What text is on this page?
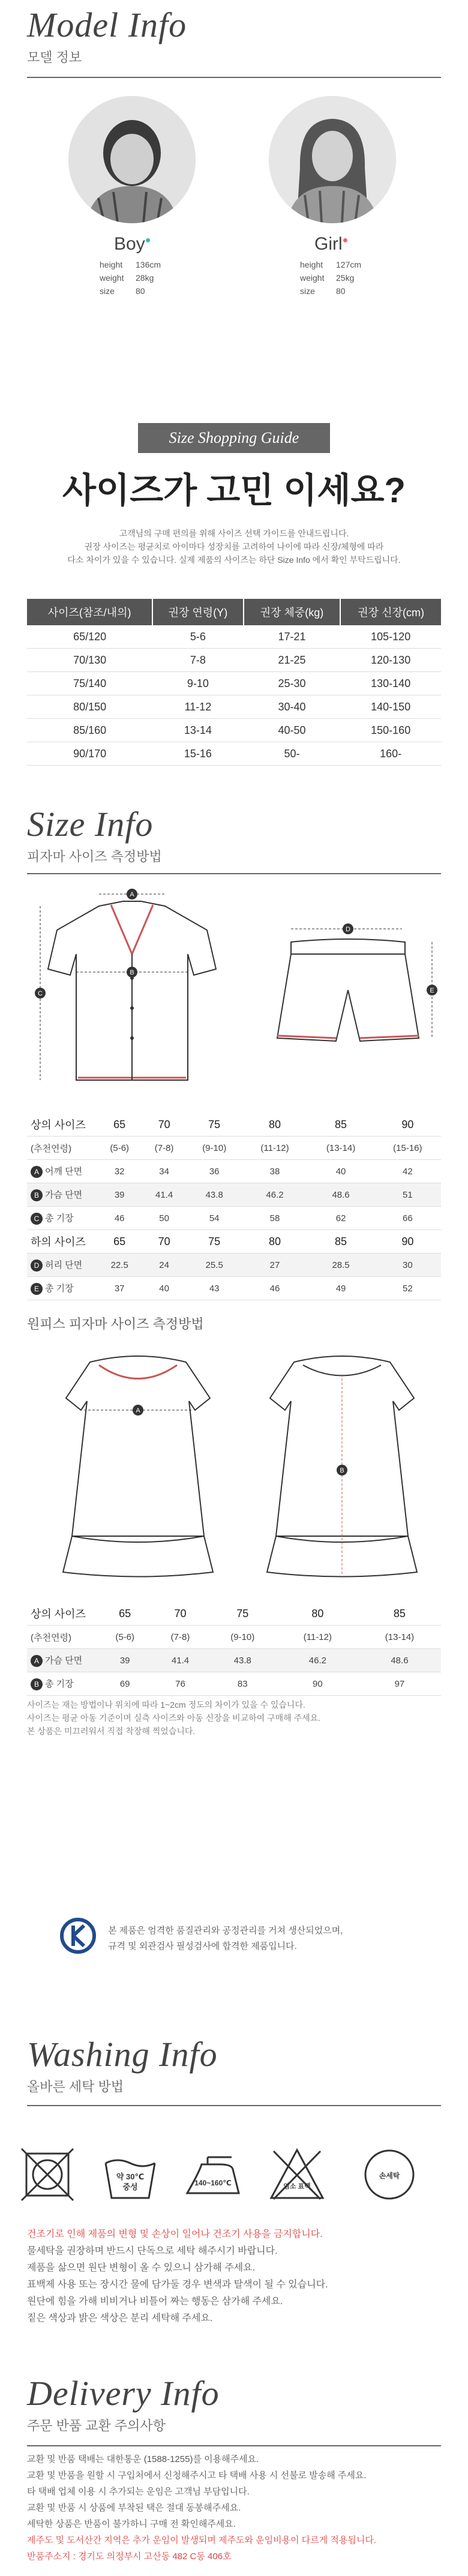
Model Info
모델 정보
Boy●
height 136cm
weight 28kg
size	80
Girl●
height 127cm
weight 25kg
size	80
Size Shopping Guide
사이즈가 고민 이세요?
고객님의 구매 편의를 위해 사이즈 선택 가이드를 안내드립니다.
권장 사이즈는 평균치로 아이마다 성장치를 고려하여 나이에 따라 신장/체형에 따라
다소 차이가 있을 수 있습니다. 실제 제품의 사이즈는 하단 Size Info 에서 확인 부탁드립니다.
사이즈(참조/내의)	권장 연령(Y)	권장 체중(kg)	권장 신장(cm)
65/120	5-6	17-21	105-120
70/130	7-8	21-25	120-130
75/140	9-10	25-30	130-140
80/150	11-12	30-40	140-150
85/160	13-14	40-50	150-160
90/170	15-16	50-	160-
Size Info
피자마 사이즈 측정방법
A
B
C
D
E
상의 사이즈	65	70	75	80	85	90
(추천연령)	(5-6)	(7-8)	(9-10)	(11-12)	(13-14)	(15-16)
A 어깨 단면	32	34	36	38	40	42
B 가슴 단면	39	41.4	43.8	46.2	48.6	51
C 총 기장	46	50	54	58	62	66
하의 사이즈	65	70	75	80	85	90
D 허리 단면	22.5	24	25.5	27	28.5	30
E 총 기장	37	40	43	46	49	52
원피스 피자마 사이즈 측정방법
A
B
상의 사이즈	65	70	75	80	85
(추천연령)	(5-6)	(7-8)	(9-10)	(11-12)	(13-14)
A 가슴 단면	39	41.4	43.8	46.2	48.6
B 총 기장	69	76	83	90	97
사이즈는 재는 방법이나 위치에 따라 1~2cm 정도의 차이가 있을 수 있습니다.
사이즈는 평균 아동 기준이며 실측 사이즈와 아동 신장을 비교하여 구매해 주세요.
본 상품은 미끄러워서 직접 착장해 찍었습니다.
본 제품은 엄격한 품질관리와 공정관리를 거쳐 생산되었으며,
규격 및 외관검사 필성검사에 합격한 제품입니다.
Washing Info
올바른 세탁 방법
약 30℃
중성	140~160℃	염소 표백
손세탁
건조기로 인해 제품의 변형 및 손상이 일어나 건조기 사용을 금지합니다.
물세탁을 권장하며 반드시 단독으로 세탁 해주시기 바랍니다.
제품을 삶으면 원단 변형이 올 수 있으니 삼가해 주세요.
표백제 사용 또는 장시간 물에 담가둘 경우 변색과 탈색이 될 수 있습니다.
원단에 힘을 가해 비비거나 비틀어 짜는 행동은 삼가해 주세요.
짙은 색상과 밝은 색상은 분리 세탁해 주세요.
Delivery Info
주문 반품 교환 주의사항
교환 및 반품 택배는 대한통운 (1588-1255)를 이용해주세요.
교환 및 반품을 원할 시 구입처에서 신청해주시고 타 택배 사용 시 선불로 발송해 주세요.
타 택배 업체 이용 시 추가되는 운임은 고객님 부담입니다.
교환 및 반품 시 상품에 부착된 택은 절대 동봉해주세요.
세탁한 상품은 반품이 불가하니 구매 전 확인해주세요.
제주도 및 도서산간 지역은 추가 운임이 발생되며 제주도와 운임비용이 다르게 적용됩니다.
반품주소지 : 경기도 의정부시 고산동 482 C동 406호
